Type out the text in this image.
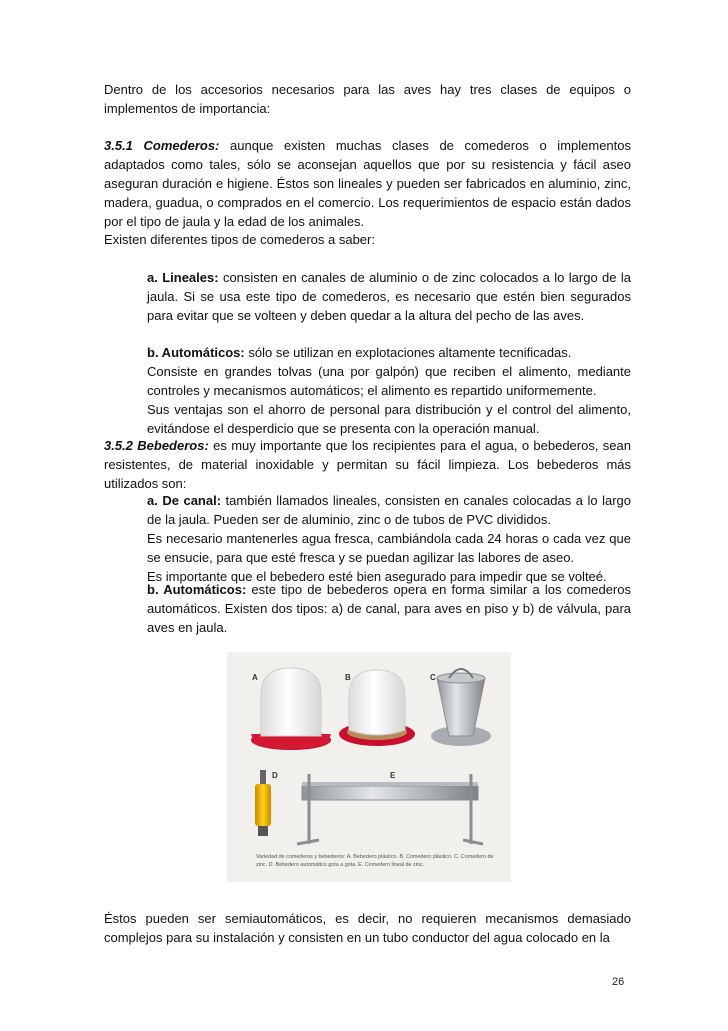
Dentro de los accesorios necesarios para las aves hay tres clases de equipos o implementos de importancia:

3.5.1 Comederos: aunque existen muchas clases de comederos o implementos adaptados como tales, sólo se aconsejan aquellos que por su resistencia y fácil aseo aseguran duración e higiene. Éstos son lineales y pueden ser fabricados en aluminio, zinc, madera, guadua, o comprados en el comercio. Los requerimientos de espacio están dados por el tipo de jaula y la edad de los animales.

Existen diferentes tipos de comederos a saber:

a. Lineales: consisten en canales de aluminio o de zinc colocados a lo largo de la jaula. Si se usa este tipo de comederos, es necesario que estén bien segurados para evitar que se volteen y deben quedar a la altura del pecho de las aves.

b. Automáticos: sólo se utilizan en explotaciones altamente tecnificadas.
Consiste en grandes tolvas (una por galpón) que reciben el alimento, mediante controles y mecanismos automáticos; el alimento es repartido uniformemente.
Sus ventajas son el ahorro de personal para distribución y el control del alimento, evitándose el desperdicio que se presenta con la operación manual.

3.5.2 Bebederos: es muy importante que los recipientes para el agua, o bebederos, sean resistentes, de material inoxidable y permitan su fácil limpieza. Los bebederos más utilizados son:

a. De canal: también llamados lineales, consisten en canales colocadas a lo largo de la jaula. Pueden ser de aluminio, zinc o de tubos de PVC divididos.
Es necesario mantenerles agua fresca, cambiándola cada 24 horas o cada vez que se ensucie, para que esté fresca y se puedan agilizar las labores de aseo.
Es importante que el bebedero esté bien asegurado para impedir que se volteé.

b. Automáticos: este tipo de bebederos opera en forma similar a los comederos automáticos. Existen dos tipos: a) de canal, para aves en piso y b) de válvula, para aves en jaula.

A	B	C
D	E
Variedad de comederos y bebederos: A. Bebedero plástico. B. Comedero plástico. C. Comedero de zinc. D. Bebedero automático gota a gota. E. Comedero lineal de zinc.

Éstos pueden ser semiautomáticos, es decir, no requieren mecanismos demasiado complejos para su instalación y consisten en un tubo conductor del agua colocado en la

26
